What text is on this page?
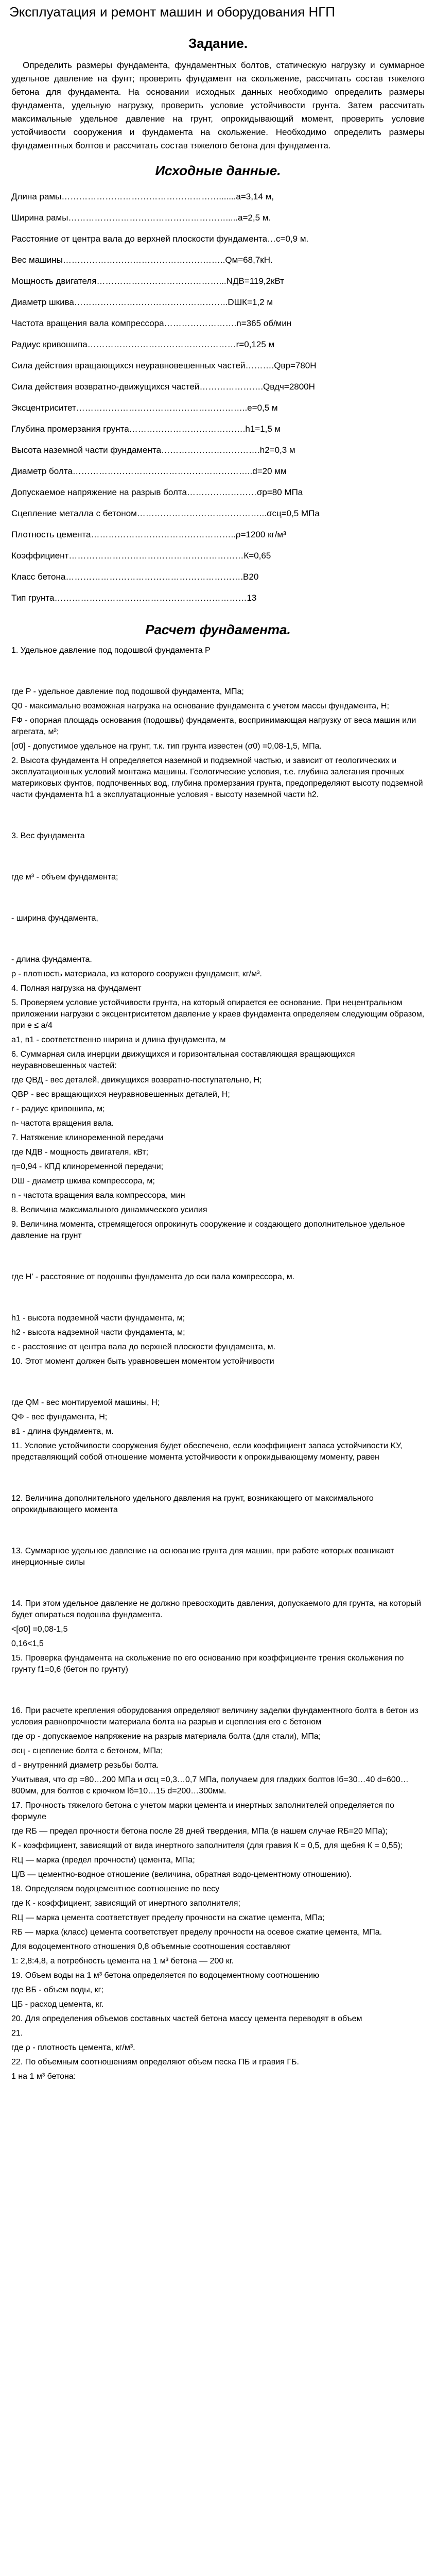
Эксплуатация и ремонт машин и оборудования НГП
Задание.

Определить размеры фундамента, фундаментных болтов, статическую нагрузку и суммарное удельное давление на фунт; проверить фундамент на скольжение, рассчитать состав тяжелого бетона для фундамента. На основании исходных данных необходимо определить размеры фундамента, удельную нагрузку, проверить условие устойчивости грунта. Затем рассчитать максимальные удельное давление на грунт, опрокидывающий момент, проверить условие устойчивости сооружения и фундамента на скольжение. Необходимо определить размеры фундаментных болтов и рассчитать состав тяжелого бетона для фундамента.

Исходные данные.
Длина рамы……………………………………………….......a=3,14 м,
Ширина рамы……………………………………………….....a=2,5 м.
Расстояние от центра вала до верхней плоскости фундамента…c=0,9 м.
Вес машины………………………………………………..Qм=68,7кН.
Мощность двигателя……………………………………...NДВ=119,2кВт
Диаметр шкива……………………………………………..DШК=1,2 м
Частота вращения вала компрессора…………………….n=365 об/мин
Радиус кривошипа……………………………………………r=0,125 м
Сила действия вращающихся неуравновешенных частей……….Qвр=780Н
Сила действия возвратно-движущихся частей………………….Qвдч=2800Н
Эксцентриситет…………………………………………………..е=0,5 м
Глубина промерзания грунта………………………………….h1=1,5 м
Высота наземной части фундамента…………………………….h2=0,3 м
Диаметр болта……………………………………………………..d=20 мм
Допускаемое напряжение на разрыв болта……………………σр=80 МПа
Сцепление металла с бетоном……………………………………...σсц=0,5 МПа
Плотность цемента…………………………………………..ρ=1200 кг/м³
Коэффициент……………………………………………………К=0,65
Класс бетона…………………………………………………….B20
Тип грунта…………………………………………………………13
Расчет фундамента.

1. Удельное давление под подошвой фундамента P

где P - удельное давление под подошвой фундамента, МПа;

Q0 - максимально возможная нагрузка на основание фундамента с учетом массы фундамента, Н;

FФ - опорная площадь основания (подошвы) фундамента, воспринимающая нагрузку от веса машин или агрегата, м²;

[σ0] - допустимое удельное на грунт, т.к. тип грунта известен (σ0) =0,08-1,5, МПа.

2. Высота фундамента H определяется наземной и подземной частью, и зависит от геологических и эксплуатационных условий монтажа машины. Геологические условия, т.е. глубина залегания прочных материковых фунтов, подпочвенных вод, глубина промерзания грунта, предопределяют высоту подземной части фундамента h1 а эксплуатационные условия - высоту наземной части h2.

3. Вес фундамента

где м³ - объем фундамента;

- ширина фундамента,

- длина фундамента.

ρ - плотность материала, из которого сооружен фундамент, кг/м³.

4. Полная нагрузка на фундамент

5. Проверяем условие устойчивости грунта, на который опирается ее основание. При нецентральном приложении нагрузки с эксцентриситетом давление у краев фундамента определяем следующим образом, при е ≤ a/4

a1, в1 - соответственно ширина и длина фундамента, м

6. Суммарная сила инерции движущихся и горизонтальная составляющая вращающихся неуравновешенных частей:

где QВД - вес деталей, движущихся возвратно-поступательно, Н;

QВР - вес вращающихся неуравновешенных деталей, Н;

r - радиус кривошипа, м;

n- частота вращения вала.

7. Натяжение клиноременной передачи

где NДВ - мощность двигателя, кВт;

η=0,94 - КПД клиноременной передачи;

DШ - диаметр шкива компрессора, м;

n - частота вращения вала компрессора, мин

8. Величина максимального динамического усилия

9. Величина момента, стремящегося опрокинуть сооружение и создающего дополнительное удельное давление на грунт

где H' - расстояние от подошвы фундамента до оси вала компрессора, м.

h1 - высота подземной части фундамента, м;

h2 - высота надземной части фундамента, м;

c - расстояние от центра вала до верхней плоскости фундамента, м.

10. Этот момент должен быть уравновешен моментом устойчивости

где QМ - вес монтируемой машины, Н;

QФ - вес фундамента, Н;

в1 - длина фундамента, м.

11. Условие устойчивости сооружения будет обеспечено, если коэффициент запаса устойчивости KУ, представляющий собой отношение момента устойчивости к опрокидывающему моменту, равен

12. Величина дополнительного удельного давления на грунт, возникающего от максимального опрокидывающего момента

13. Суммарное удельное давление на основание грунта для машин, при работе которых возникают инерционные силы

14. При этом удельное давление не должно превосходить давления, допускаемого для грунта, на который будет опираться подошва фундамента.

<[σ0] =0,08-1,5

0,16<1,5

15. Проверка фундамента на скольжение по его основанию при коэффициенте трения скольжения по грунту f1=0,6 (бетон по грунту)

16. При расчете крепления оборудования определяют величину заделки фундаментного болта в бетон из условия равнопрочности материала болта на разрыв и сцепления его с бетоном

где σр - допускаемое напряжение на разрыв материала болта (для стали), МПа;

σсц - сцепление болта с бетоном, МПа;

d - внутренний диаметр резьбы болта.

Учитывая, что σр =80…200 МПа и σсц =0,3…0,7 МПа, получаем для гладких болтов lб=30…40 d=600…800мм, для болтов с крючком lб=10…15 d=200…300мм.

17. Прочность тяжелого бетона с учетом марки цемента и инертных заполнителей определяется по формуле

где RБ — предел прочности бетона после 28 дней твердения, МПа (в нашем случае RБ=20 МПа);

К - коэффициент, зависящий от вида инертного заполнителя (для гравия К = 0,5, для щебня К = 0,55);

RЦ — марка (предел прочности) цемента, МПа;

Ц/В — цементно-водное отношение (величина, обратная водо-цементному отношению).

18. Определяем водоцементное соотношение по весу

где К - коэффициент, зависящий от инертного заполнителя;

RЦ — марка цемента соответствует пределу прочности на сжатие цемента, МПа;

RБ — марка (класс) цемента соответствует пределу прочности на осевое сжатие цемента, МПа.

Для водоцементного отношения 0,8 объемные соотношения составляют

1: 2,8:4,8, а потребность цемента на 1 м³ бетона — 200 кг.

19. Объем воды на 1 м³ бетона определяется по водоцементному соотношению

где ВБ - объем воды, кг;

ЦБ - расход цемента, кг.

20. Для определения объемов составных частей бетона массу цемента переводят в объем

21.

где ρ - плотность цемента, кг/м³.

22. По объемным соотношениям определяют объем песка ПБ и гравия ГБ.

1 на 1 м³ бетона:
